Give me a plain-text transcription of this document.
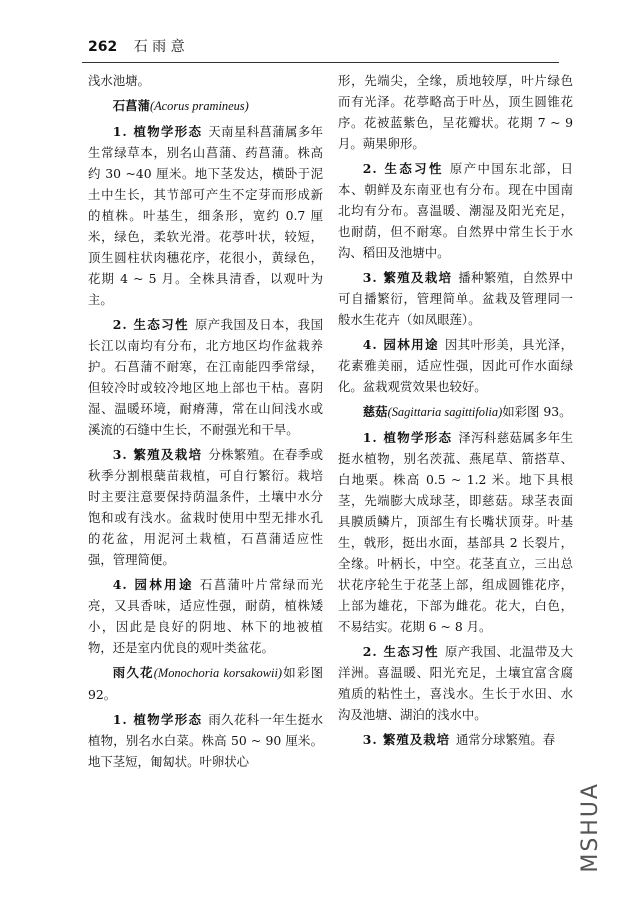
262 石 雨 意

浅水池塘。

石菖蒲(Acorus pramineus)

1. 植物学形态 天南星科菖蒲属多年生常绿草本，别名山菖蒲、药菖蒲。株高约 30 ~40 厘米。地下茎发达，横卧于泥土中生长，其节部可产生不定芽而形成新的植株。叶基生，细条形，宽约 0.7 厘米，绿色，柔软光滑。花葶叶状，较短，顶生圆柱状肉穗花序，花很小，黄绿色，花期 4 ~ 5 月。全株具清香，以观叶为主。

2. 生态习性 原产我国及日本，我国长江以南均有分布，北方地区均作盆栽养护。石菖蒲不耐寒，在江南能四季常绿，但较冷时或较冷地区地上部也干枯。喜阴湿、温暖环境，耐瘠薄，常在山间浅水或溪流的石缝中生长，不耐强光和干旱。

3. 繁殖及栽培 分株繁殖。在春季或秋季分割根蘖苗栽植，可自行繁衍。栽培时主要注意要保持荫温条件，土壤中水分饱和或有浅水。盆栽时使用中型无排水孔的花盆，用泥河土栽植，石菖蒲适应性强，管理简便。

4. 园林用途 石菖蒲叶片常绿而光亮，又具香味，适应性强，耐荫，植株矮小，因此是良好的阴地、林下的地被植物，还是室内优良的观叶类盆花。

雨久花(Monochoria korsakowii)如彩图 92。

1. 植物学形态 雨久花科一年生挺水植物，别名水白菜。株高 50 ~ 90 厘米。地下茎短，匍匐状。叶卵状心

形，先端尖，全缘，质地较厚，叶片绿色而有光泽。花葶略高于叶丛，顶生圆锥花序。花被蓝紫色，呈花瓣状。花期 7 ~ 9 月。蒴果卵形。

2. 生态习性 原产中国东北部，日本、朝鲜及东南亚也有分布。现在中国南北均有分布。喜温暖、潮湿及阳光充足，也耐荫，但不耐寒。自然界中常生长于水沟、稻田及池塘中。

3. 繁殖及栽培 播种繁殖，自然界中可自播繁衍，管理简单。盆栽及管理同一般水生花卉（如凤眼莲）。

4. 园林用途 因其叶形美，具光泽，花素雅美丽，适应性强，因此可作水面绿化。盆栽观赏效果也较好。

慈菇(Sagittaria sagittifolia)如彩图 93。

1. 植物学形态 泽泻科慈菇属多年生挺水植物，别名茨菰、燕尾草、箭搭草、白地栗。株高 0.5 ~ 1.2 米。地下具根茎，先端膨大成球茎，即慈菇。球茎表面具膜质鳞片，顶部生有长嘴状顶芽。叶基生，戟形，挺出水面，基部具 2 长裂片，全缘。叶柄长，中空。花茎直立，三出总状花序轮生于花茎上部，组成圆锥花序，上部为雄花，下部为雌花。花大，白色，不易结实。花期 6 ~ 8 月。

2. 生态习性 原产我国、北温带及大洋洲。喜温暖、阳光充足，土壤宜富含腐殖质的粘性土，喜浅水。生长于水田、水沟及池塘、湖泊的浅水中。

3. 繁殖及栽培 通常分球繁殖。春

MSHUA
